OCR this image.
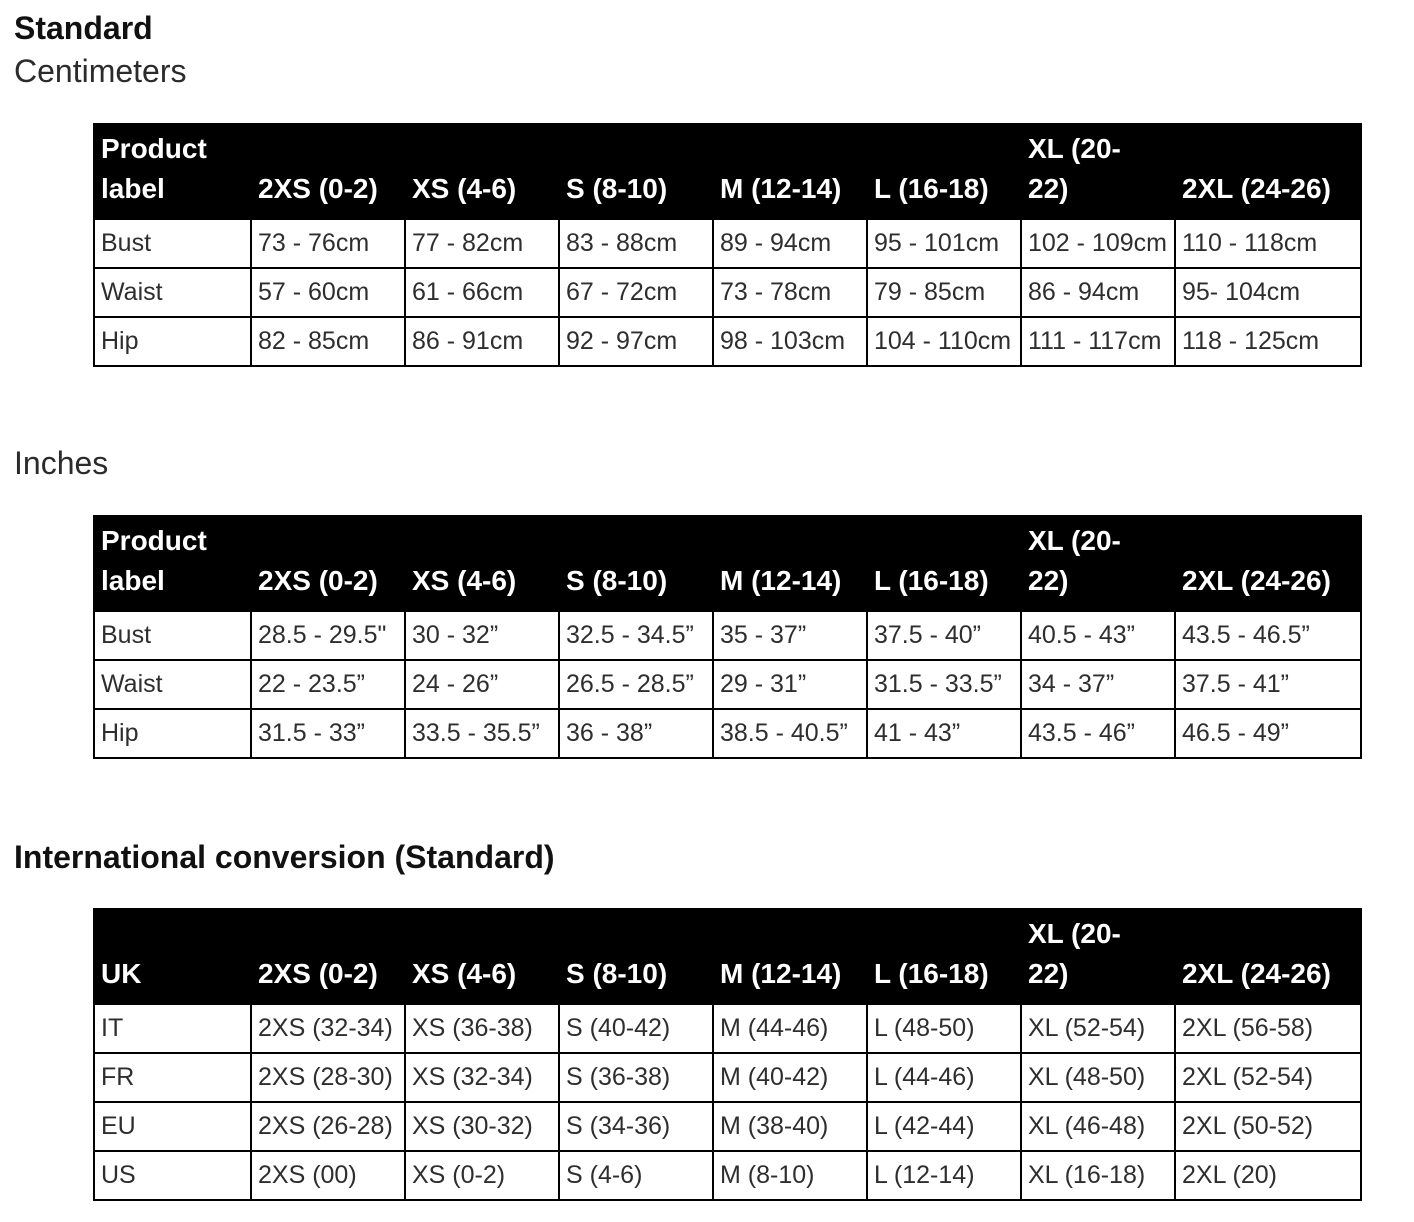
Standard
Centimeters
Product label	2XS (0-2)	XS (4-6)	S (8-10)	M (12-14)	L (16-18)	XL (20-22)	2XL (24-26)
Bust	73 - 76cm	77 - 82cm	83 - 88cm	89 - 94cm	95 - 101cm	102 - 109cm	110 - 118cm
Waist	57 - 60cm	61 - 66cm	67 - 72cm	73 - 78cm	79 - 85cm	86 - 94cm	95- 104cm
Hip	82 - 85cm	86 - 91cm	92 - 97cm	98 - 103cm	104 - 110cm	111 - 117cm	118 - 125cm
Inches
Product label	2XS (0-2)	XS (4-6)	S (8-10)	M (12-14)	L (16-18)	XL (20-22)	2XL (24-26)
Bust	28.5 - 29.5"	30 - 32”	32.5 - 34.5”	35 - 37”	37.5 - 40”	40.5 - 43”	43.5 - 46.5”
Waist	22 - 23.5”	24 - 26”	26.5 - 28.5”	29 - 31”	31.5 - 33.5”	34 - 37”	37.5 - 41”
Hip	31.5 - 33”	33.5 - 35.5”	36 - 38”	38.5 - 40.5”	41 - 43”	43.5 - 46”	46.5 - 49”
International conversion (Standard)
UK	2XS (0-2)	XS (4-6)	S (8-10)	M (12-14)	L (16-18)	XL (20-22)	2XL (24-26)
IT	2XS (32-34)	XS (36-38)	S (40-42)	M (44-46)	L (48-50)	XL (52-54)	2XL (56-58)
FR	2XS (28-30)	XS (32-34)	S (36-38)	M (40-42)	L (44-46)	XL (48-50)	2XL (52-54)
EU	2XS (26-28)	XS (30-32)	S (34-36)	M (38-40)	L (42-44)	XL (46-48)	2XL (50-52)
US	2XS (00)	XS (0-2)	S (4-6)	M (8-10)	L (12-14)	XL (16-18)	2XL (20)
